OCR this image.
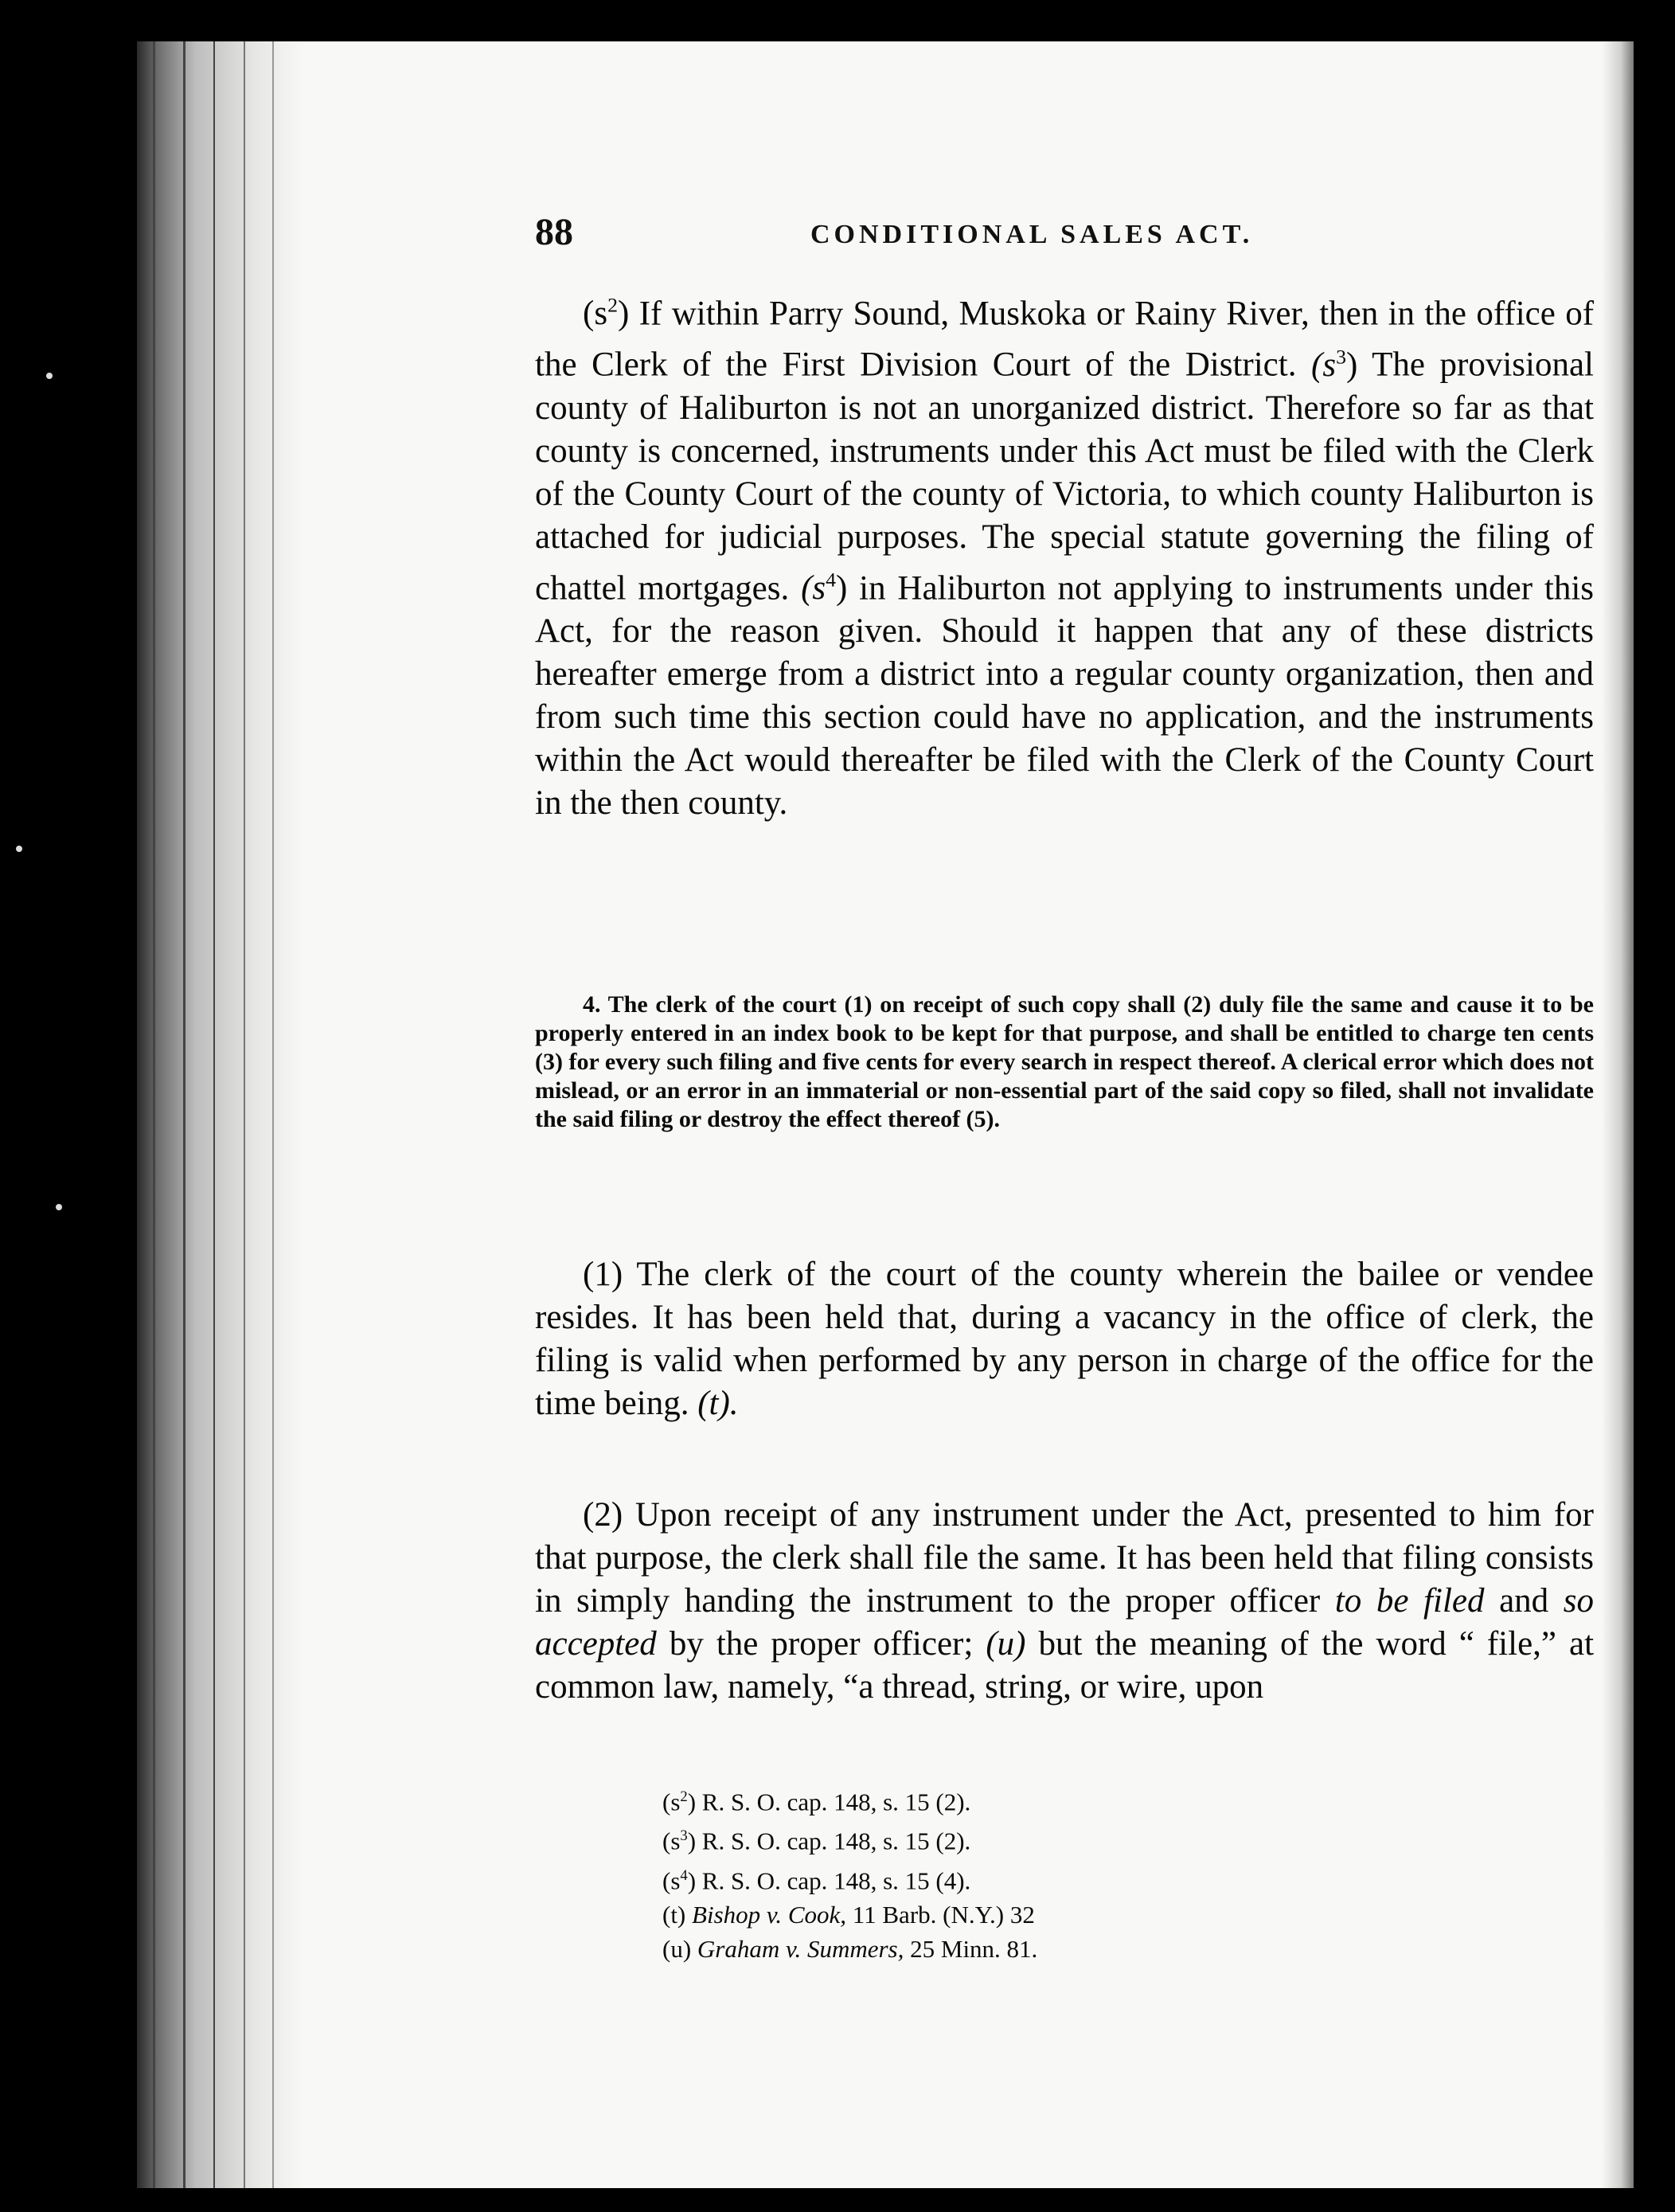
88	CONDITIONAL SALES ACT.

$(s^2)$ If within Parry Sound, Muskoka or Rainy River, then in the office of the Clerk of the First Division Court of the District. $(s^3)$ The provisional county of Haliburton is not an unorganized district. Therefore so far as that county is concerned, instruments under this Act must be filed with the Clerk of the County Court of the county of Victoria, to which county Haliburton is attached for judicial purposes. The special statute governing the filing of chattel mortgages. $(s^4)$ in Haliburton not applying to instruments under this Act, for the reason given. Should it happen that any of these districts hereafter emerge from a district into a regular county organization, then and from such time this section could have no application, and the instruments within the Act would thereafter be filed with the Clerk of the County Court in the then county.

4. The clerk of the court (1) on receipt of such copy shall (2) duly file the same and cause it to be properly entered in an index book to be kept for that purpose, and shall be entitled to charge ten cents (3) for every such filing and five cents for every search in respect thereof. A clerical error which does not mislead, or an error in an immaterial or non-essential part of the said copy so filed, shall not invalidate the said filing or destroy the effect thereof (5).

(1) The clerk of the court of the county wherein the bailee or vendee resides. It has been held that, during a vacancy in the office of clerk, the filing is valid when performed by any person in charge of the office for the time being. (t).

(2) Upon receipt of any instrument under the Act, presented to him for that purpose, the clerk shall file the same. It has been held that filing consists in simply handing the instrument to the proper officer to be filed and so accepted by the proper officer; (u) but the meaning of the word “ file,” at common law, namely, “a thread, string, or wire, upon

$(s^2)$ R. S. O. cap. 148, s. 15 (2).
$(s^3)$ R. S. O. cap. 148, s. 15 (2).
$(s^4)$ R. S. O. cap. 148, s. 15 (4).
(t) Bishop v. Cook, 11 Barb. (N.Y.) 32
(u) Graham v. Summers, 25 Minn. 81.
